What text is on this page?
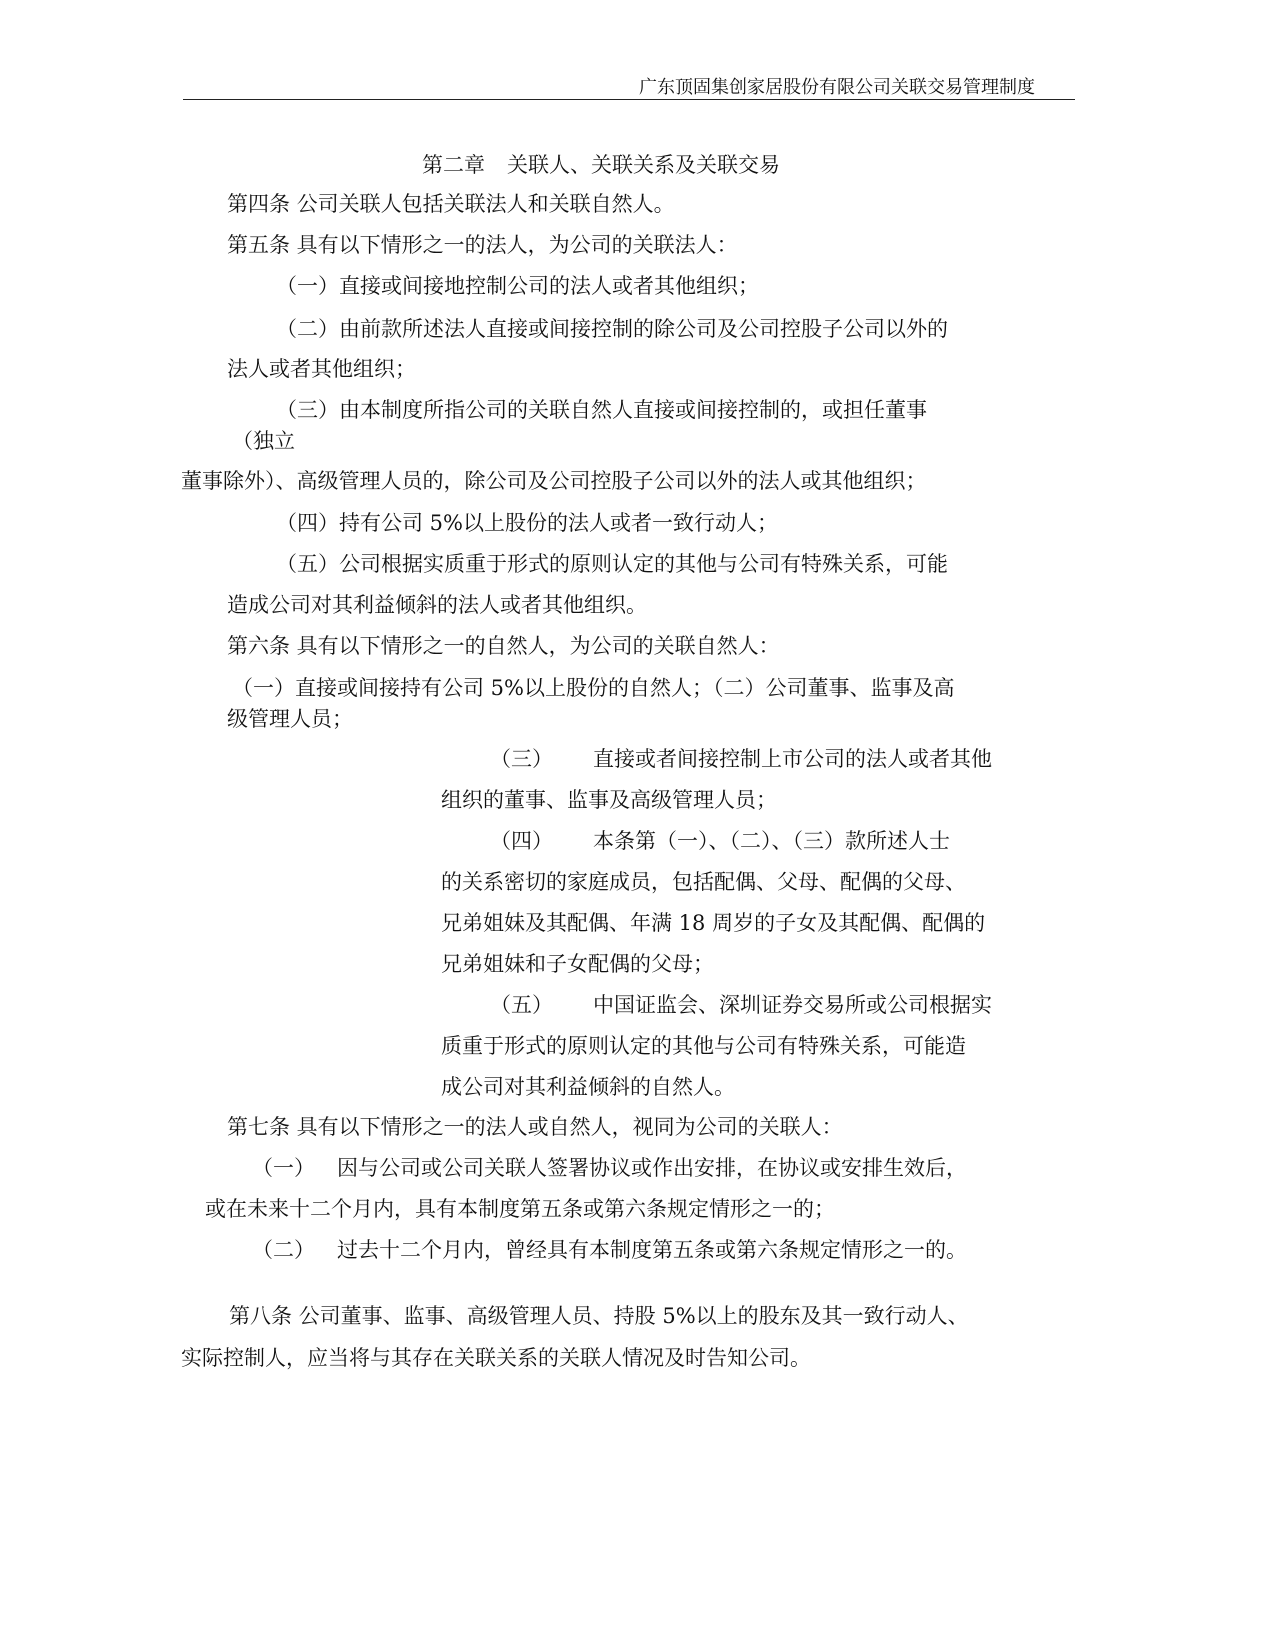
广东顶固集创家居股份有限公司关联交易管理制度
第二章 关联人、关联关系及关联交易
第四条 公司关联人包括关联法人和关联自然人。
第五条 具有以下情形之一的法人，为公司的关联法人：
（一）直接或间接地控制公司的法人或者其他组织；
（二）由前款所述法人直接或间接控制的除公司及公司控股子公司以外的
法人或者其他组织；
（三）由本制度所指公司的关联自然人直接或间接控制的，或担任董事
（独立
董事除外）、高级管理人员的，除公司及公司控股子公司以外的法人或其他组织；
（四）持有公司 5%以上股份的法人或者一致行动人；
（五）公司根据实质重于形式的原则认定的其他与公司有特殊关系，可能
造成公司对其利益倾斜的法人或者其他组织。
第六条 具有以下情形之一的自然人，为公司的关联自然人：
（一）直接或间接持有公司 5%以上股份的自然人；（二）公司董事、监事及高
级管理人员；
（三） 直接或者间接控制上市公司的法人或者其他
组织的董事、监事及高级管理人员；
（四） 本条第（一）、（二）、（三）款所述人士
的关系密切的家庭成员，包括配偶、父母、配偶的父母、
兄弟姐妹及其配偶、年满 18 周岁的子女及其配偶、配偶的
兄弟姐妹和子女配偶的父母；
（五） 中国证监会、深圳证券交易所或公司根据实
质重于形式的原则认定的其他与公司有特殊关系，可能造
成公司对其利益倾斜的自然人。
第七条 具有以下情形之一的法人或自然人，视同为公司的关联人：
（一） 因与公司或公司关联人签署协议或作出安排，在协议或安排生效后，
或在未来十二个月内，具有本制度第五条或第六条规定情形之一的；
（二） 过去十二个月内，曾经具有本制度第五条或第六条规定情形之一的。
第八条 公司董事、监事、高级管理人员、持股 5%以上的股东及其一致行动人、
实际控制人，应当将与其存在关联关系的关联人情况及时告知公司。
